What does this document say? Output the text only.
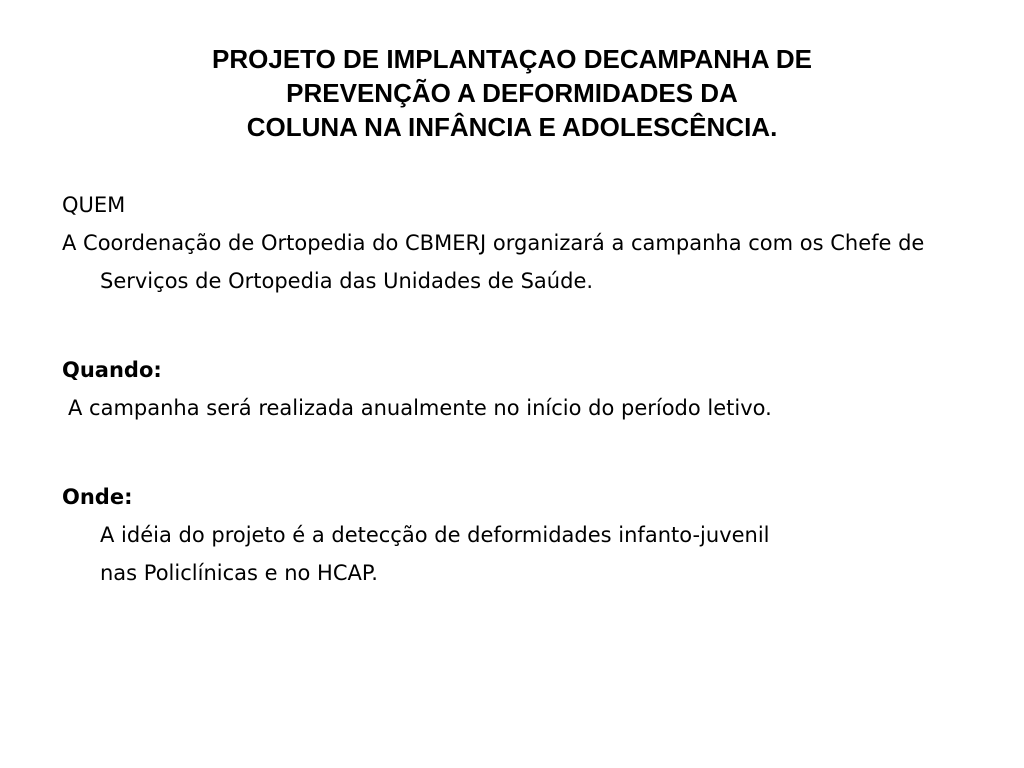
PROJETO DE IMPLANTAÇAO DECAMPANHA DE
PREVENÇÃO A DEFORMIDADES DA
COLUNA NA INFÂNCIA E ADOLESCÊNCIA.

QUEM

A Coordenação de Ortopedia do CBMERJ organizará a campanha com os Chefe de Serviços de Ortopedia das Unidades de Saúde.

Quando:

A campanha será realizada anualmente no início do período letivo.

Onde:

A idéia do projeto é a detecção de deformidades infanto-juvenil

nas Policlínicas e no HCAP.
